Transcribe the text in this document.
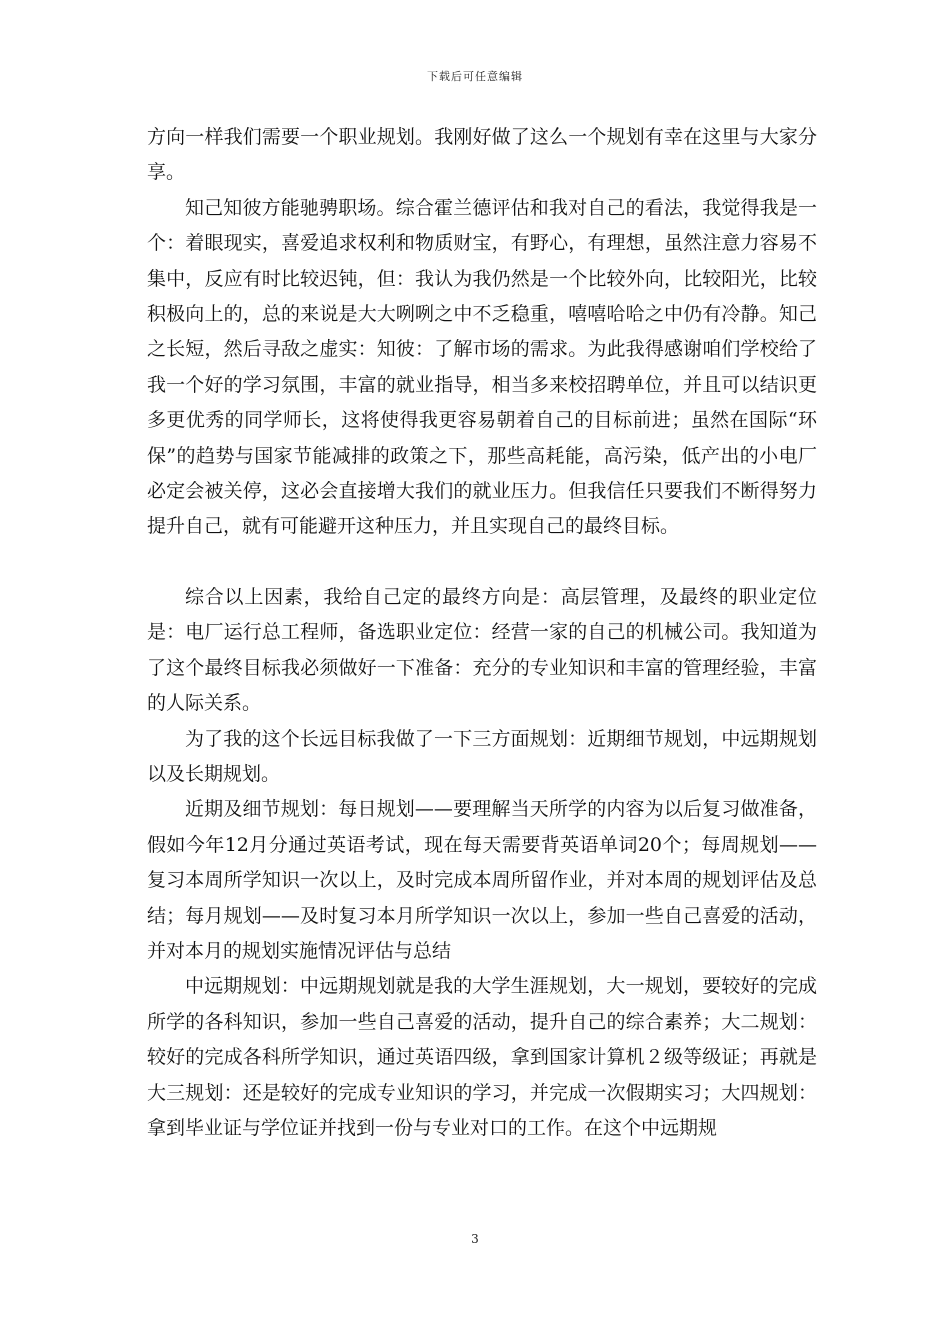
下载后可任意编辑

方向一样我们需要一个职业规划。我刚好做了这么一个规划有幸在这里与大家分享。

知己知彼方能驰骋职场。综合霍兰德评估和我对自己的看法，我觉得我是一个：着眼现实，喜爱追求权利和物质财宝，有野心，有理想，虽然注意力容易不集中，反应有时比较迟钝，但：我认为我仍然是一个比较外向，比较阳光，比较积极向上的，总的来说是大大咧咧之中不乏稳重，嘻嘻哈哈之中仍有冷静。知己之长短，然后寻敌之虚实：知彼：了解市场的需求。为此我得感谢咱们学校给了我一个好的学习氛围，丰富的就业指导，相当多来校招聘单位，并且可以结识更多更优秀的同学师长，这将使得我更容易朝着自己的目标前进；虽然在国际“环保”的趋势与国家节能减排的政策之下，那些高耗能，高污染，低产出的小电厂必定会被关停，这必会直接增大我们的就业压力。但我信任只要我们不断得努力提升自己，就有可能避开这种压力，并且实现自己的最终目标。

综合以上因素，我给自己定的最终方向是：高层管理，及最终的职业定位是：电厂运行总工程师，备选职业定位：经营一家的自己的机械公司。我知道为了这个最终目标我必须做好一下准备：充分的专业知识和丰富的管理经验，丰富的人际关系。

为了我的这个长远目标我做了一下三方面规划：近期细节规划，中远期规划以及长期规划。

近期及细节规划：每日规划——要理解当天所学的内容为以后复习做准备，假如今年12月分通过英语考试，现在每天需要背英语单词20个；每周规划——复习本周所学知识一次以上，及时完成本周所留作业，并对本周的规划评估及总结；每月规划——及时复习本月所学知识一次以上，参加一些自己喜爱的活动，并对本月的规划实施情况评估与总结

中远期规划：中远期规划就是我的大学生涯规划，大一规划，要较好的完成所学的各科知识，参加一些自己喜爱的活动，提升自己的综合素养；大二规划：较好的完成各科所学知识，通过英语四级，拿到国家计算机２级等级证；再就是大三规划：还是较好的完成专业知识的学习，并完成一次假期实习；大四规划：拿到毕业证与学位证并找到一份与专业对口的工作。在这个中远期规

3
